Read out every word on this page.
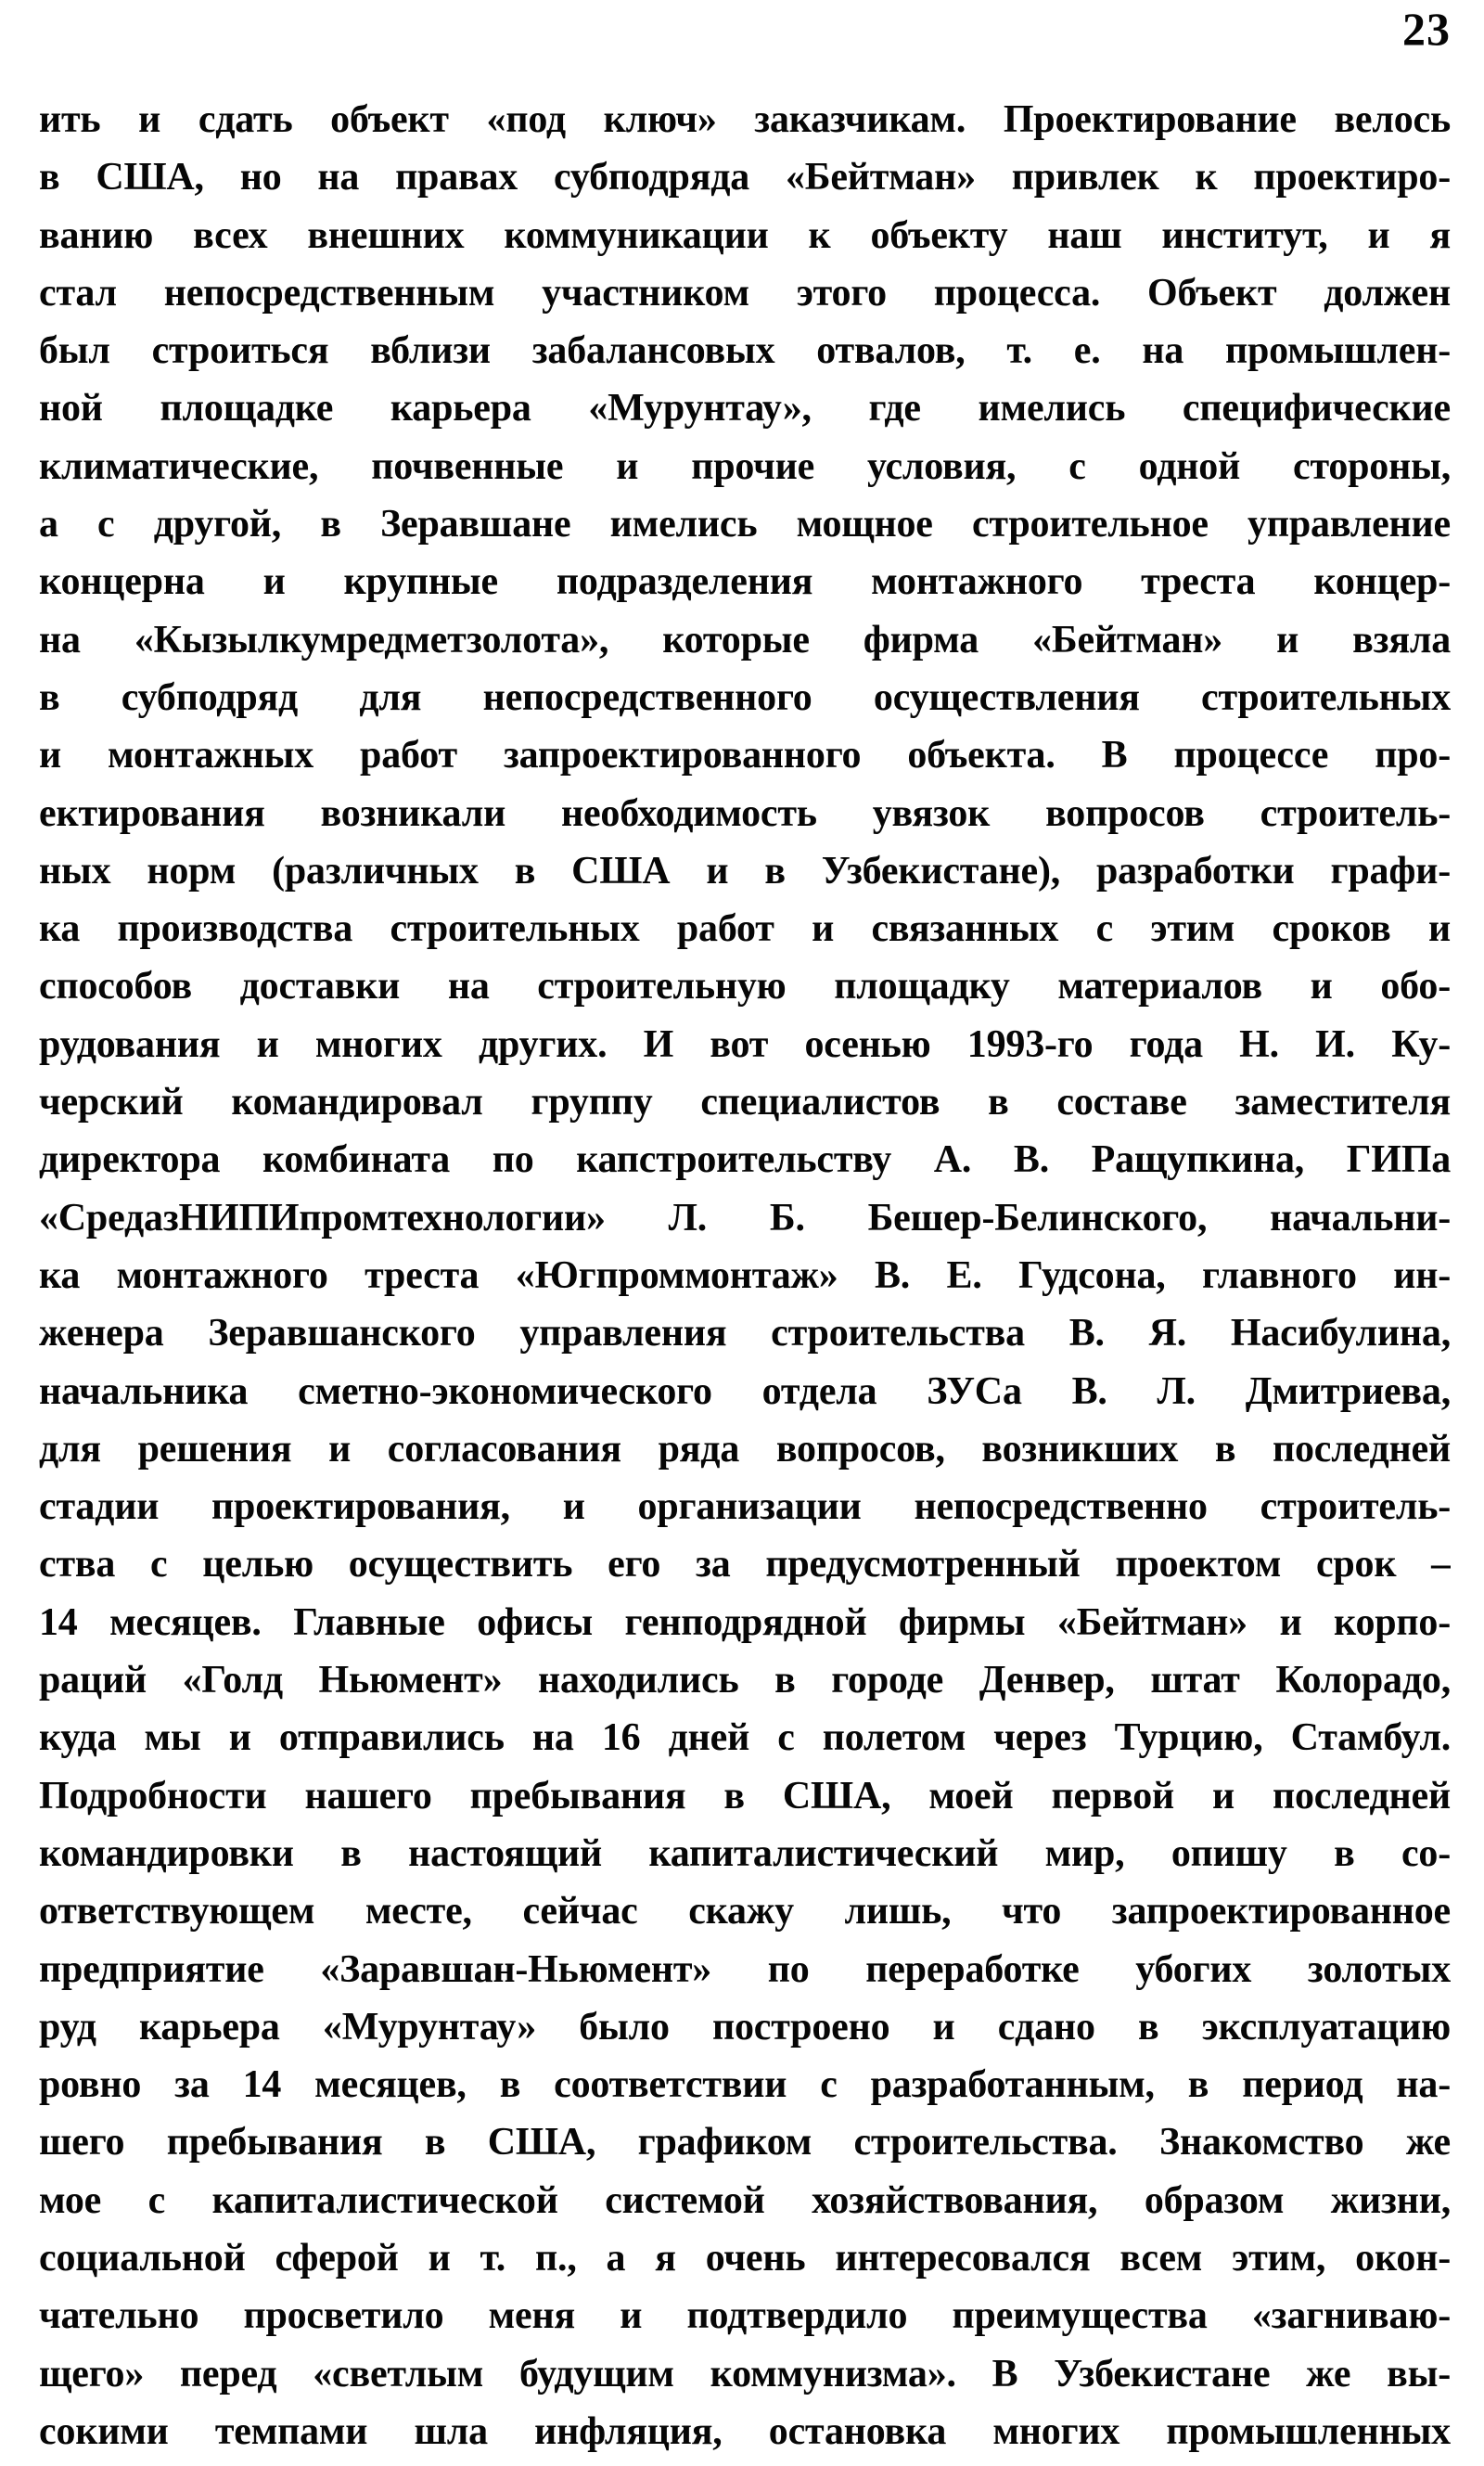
23
ить и сдать объект «под ключ» заказчикам. Проектирование велось
в США, но на правах субподряда «Бейтман» привлек к проектиро-
ванию всех внешних коммуникации к объекту наш институт, и я
стал непосредственным участником этого процесса. Объект должен
был строиться вблизи забалансовых отвалов, т. е. на промышлен-
ной площадке карьера «Мурунтау», где имелись специфические
климатические, почвенные и прочие условия, с одной стороны,
а с другой, в Зеравшане имелись мощное строительное управление
концерна и крупные подразделения монтажного треста концер-
на «Кызылкумредметзолота», которые фирма «Бейтман» и взяла
в субподряд для непосредственного осуществления строительных
и монтажных работ запроектированного объекта. В процессе про-
ектирования возникали необходимость увязок вопросов строитель-
ных норм (различных в США и в Узбекистане), разработки графи-
ка производства строительных работ и связанных с этим сроков и
способов доставки на строительную площадку материалов и обо-
рудования и многих других. И вот осенью 1993-го года Н. И. Ку-
черский командировал группу специалистов в составе заместителя
директора комбината по капстроительству А. В. Ращупкина, ГИПа
«СредазНИПИпромтехнологии» Л. Б. Бешер-Белинского, начальни-
ка монтажного треста «Югпроммонтаж» В. Е. Гудсона, главного ин-
женера Зеравшанского управления строительства В. Я. Насибулина,
начальника сметно-экономического отдела ЗУСа В. Л. Дмитриева,
для решения и согласования ряда вопросов, возникших в последней
стадии проектирования, и организации непосредственно строитель-
ства с целью осуществить его за предусмотренный проектом срок –
14 месяцев. Главные офисы генподрядной фирмы «Бейтман» и корпо-
раций «Голд Ньюмент» находились в городе Денвер, штат Колорадо,
куда мы и отправились на 16 дней с полетом через Турцию, Стамбул.
Подробности нашего пребывания в США, моей первой и последней
командировки в настоящий капиталистический мир, опишу в со-
ответствующем месте, сейчас скажу лишь, что запроектированное
предприятие «Заравшан-Ньюмент» по переработке убогих золотых
руд карьера «Мурунтау» было построено и сдано в эксплуатацию
ровно за 14 месяцев, в соответствии с разработанным, в период на-
шего пребывания в США, графиком строительства. Знакомство же
мое с капиталистической системой хозяйствования, образом жизни,
социальной сферой и т. п., а я очень интересовался всем этим, окон-
чательно просветило меня и подтвердило преимущества «загниваю-
щего» перед «светлым будущим коммунизма». В Узбекистане же вы-
сокими темпами шла инфляция, остановка многих промышленных
